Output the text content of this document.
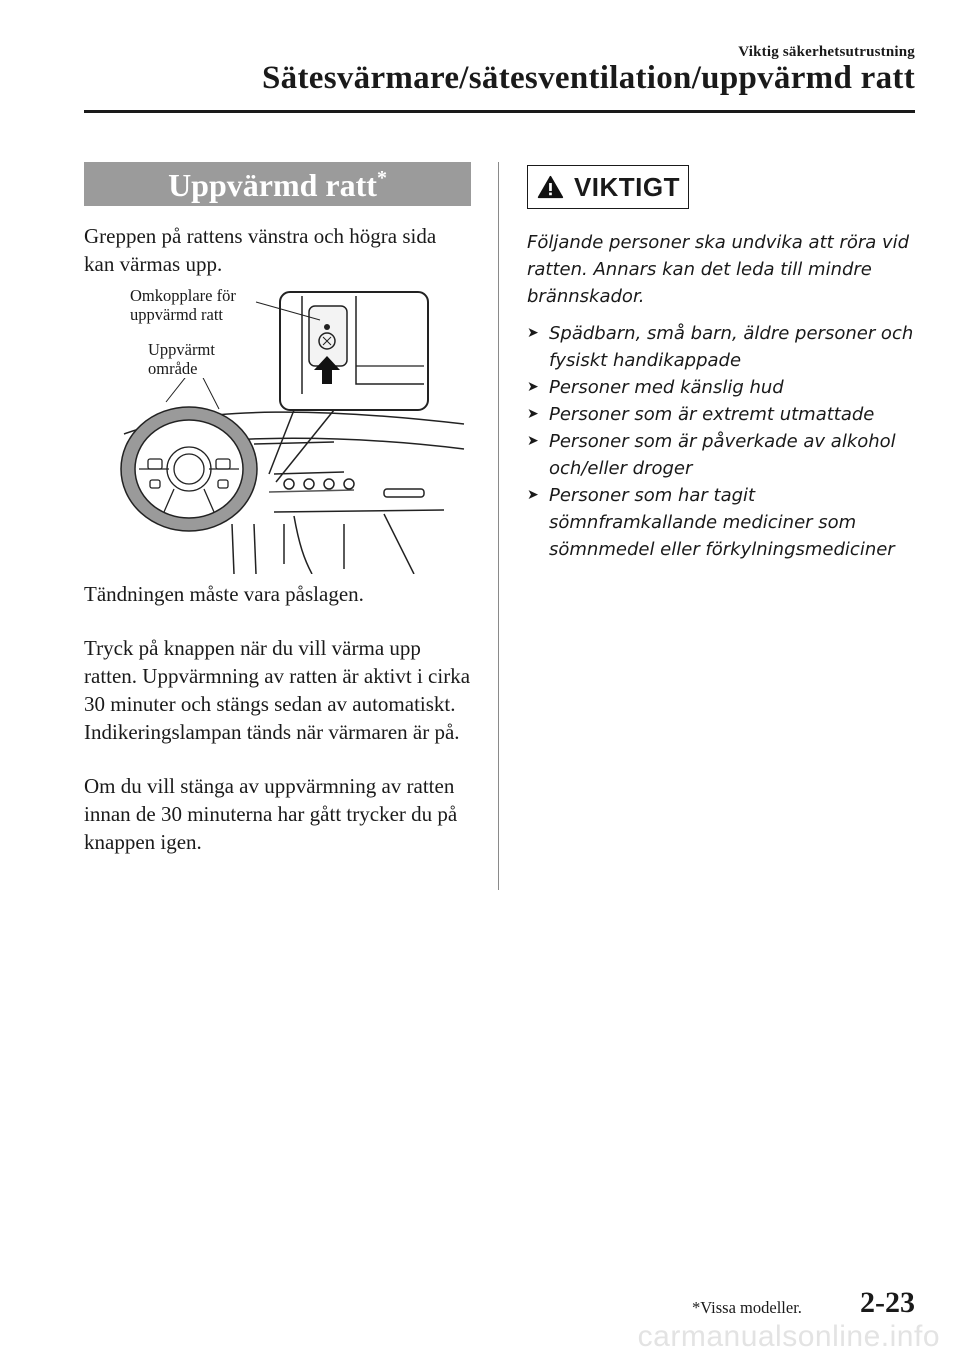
Viktig säkerhetsutrustning
Sätesvärmare/sätesventilation/uppvärmd ratt
Uppvärmd ratt*

Greppen på rattens vänstra och högra sida kan värmas upp.

Omkopplare för
uppvärmd ratt
Uppvärmt
område

Tändningen måste vara påslagen.

Tryck på knappen när du vill värma upp ratten. Uppvärmning av ratten är aktivt i cirka 30 minuter och stängs sedan av automatiskt.

Indikeringslampan tänds när värmaren är på.

Om du vill stänga av uppvärmning av ratten innan de 30 minuterna har gått trycker du på knappen igen.

VIKTIGT

Följande personer ska undvika att röra vid ratten. Annars kan det leda till mindre brännskador.

➤ Spädbarn, små barn, äldre personer och fysiskt handikappade
➤ Personer med känslig hud
➤ Personer som är extremt utmattade
➤ Personer som är påverkade av alkohol och/eller droger
➤ Personer som har tagit sömnframkallande mediciner som sömnmedel eller förkylningsmediciner
*Vissa modeller. 2-23
carmanualsonline.info
